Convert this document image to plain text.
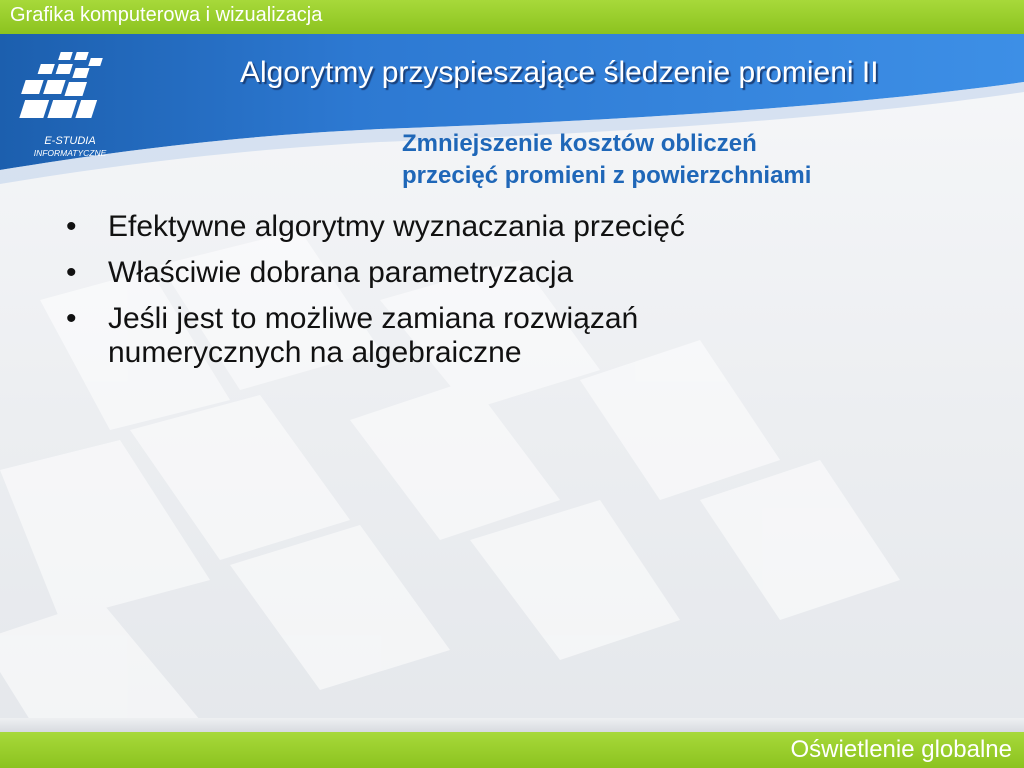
Grafika komputerowa i wizualizacja
E-STUDIA
INFORMATYCZNE
Algorytmy przyspieszające śledzenie promieni II
Zmniejszenie kosztów obliczeń
przecięć promieni z powierzchniami
• Efektywne algorytmy wyznaczania przecięć
• Właściwie dobrana parametryzacja
• Jeśli jest to możliwe zamiana rozwiązań
numerycznych na algebraiczne
Oświetlenie globalne
